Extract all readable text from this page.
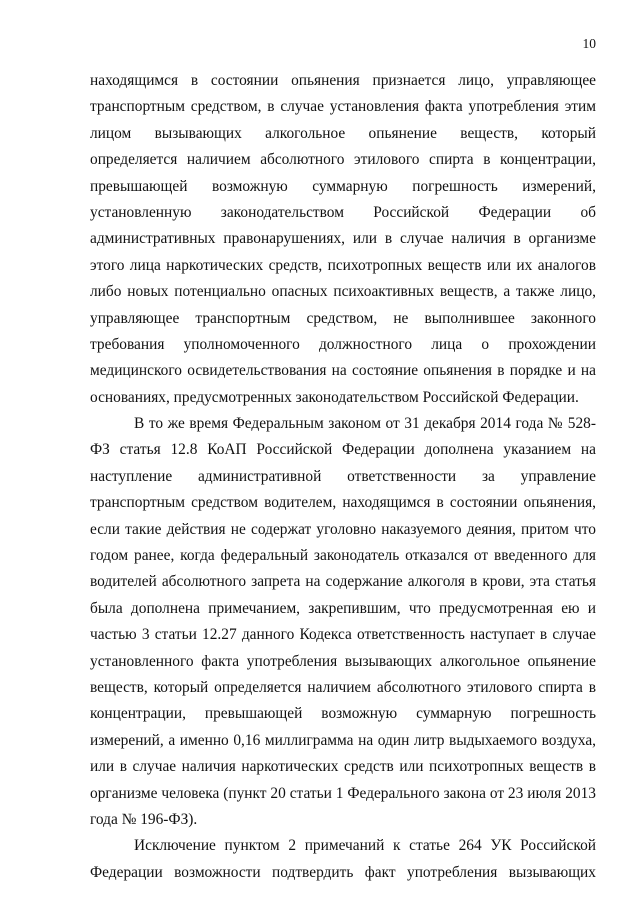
10
находящимся в состоянии опьянения признается лицо, управляющее
транспортным средством, в случае установления факта употребления этим
лицом вызывающих алкогольное опьянение веществ, который
определяется наличием абсолютного этилового спирта в концентрации,
превышающей возможную суммарную погрешность измерений,
установленную законодательством Российской Федерации об
административных правонарушениях, или в случае наличия в организме
этого лица наркотических средств, психотропных веществ или их аналогов
либо новых потенциально опасных психоактивных веществ, а также лицо,
управляющее транспортным средством, не выполнившее законного
требования уполномоченного должностного лица о прохождении
медицинского освидетельствования на состояние опьянения в порядке и на
основаниях, предусмотренных законодательством Российской Федерации.
В то же время Федеральным законом от 31 декабря 2014 года № 528-
ФЗ статья 12.8 КоАП Российской Федерации дополнена указанием на
наступление административной ответственности за управление
транспортным средством водителем, находящимся в состоянии опьянения,
если такие действия не содержат уголовно наказуемого деяния, притом что
годом ранее, когда федеральный законодатель отказался от введенного для
водителей абсолютного запрета на содержание алкоголя в крови, эта статья
была дополнена примечанием, закрепившим, что предусмотренная ею и
частью 3 статьи 12.27 данного Кодекса ответственность наступает в случае
установленного факта употребления вызывающих алкогольное опьянение
веществ, который определяется наличием абсолютного этилового спирта в
концентрации, превышающей возможную суммарную погрешность
измерений, а именно 0,16 миллиграмма на один литр выдыхаемого воздуха,
или в случае наличия наркотических средств или психотропных веществ в
организме человека (пункт 20 статьи 1 Федерального закона от 23 июля 2013
года № 196-ФЗ).
Исключение пунктом 2 примечаний к статье 264 УК Российской
Федерации возможности подтвердить факт употребления вызывающих
